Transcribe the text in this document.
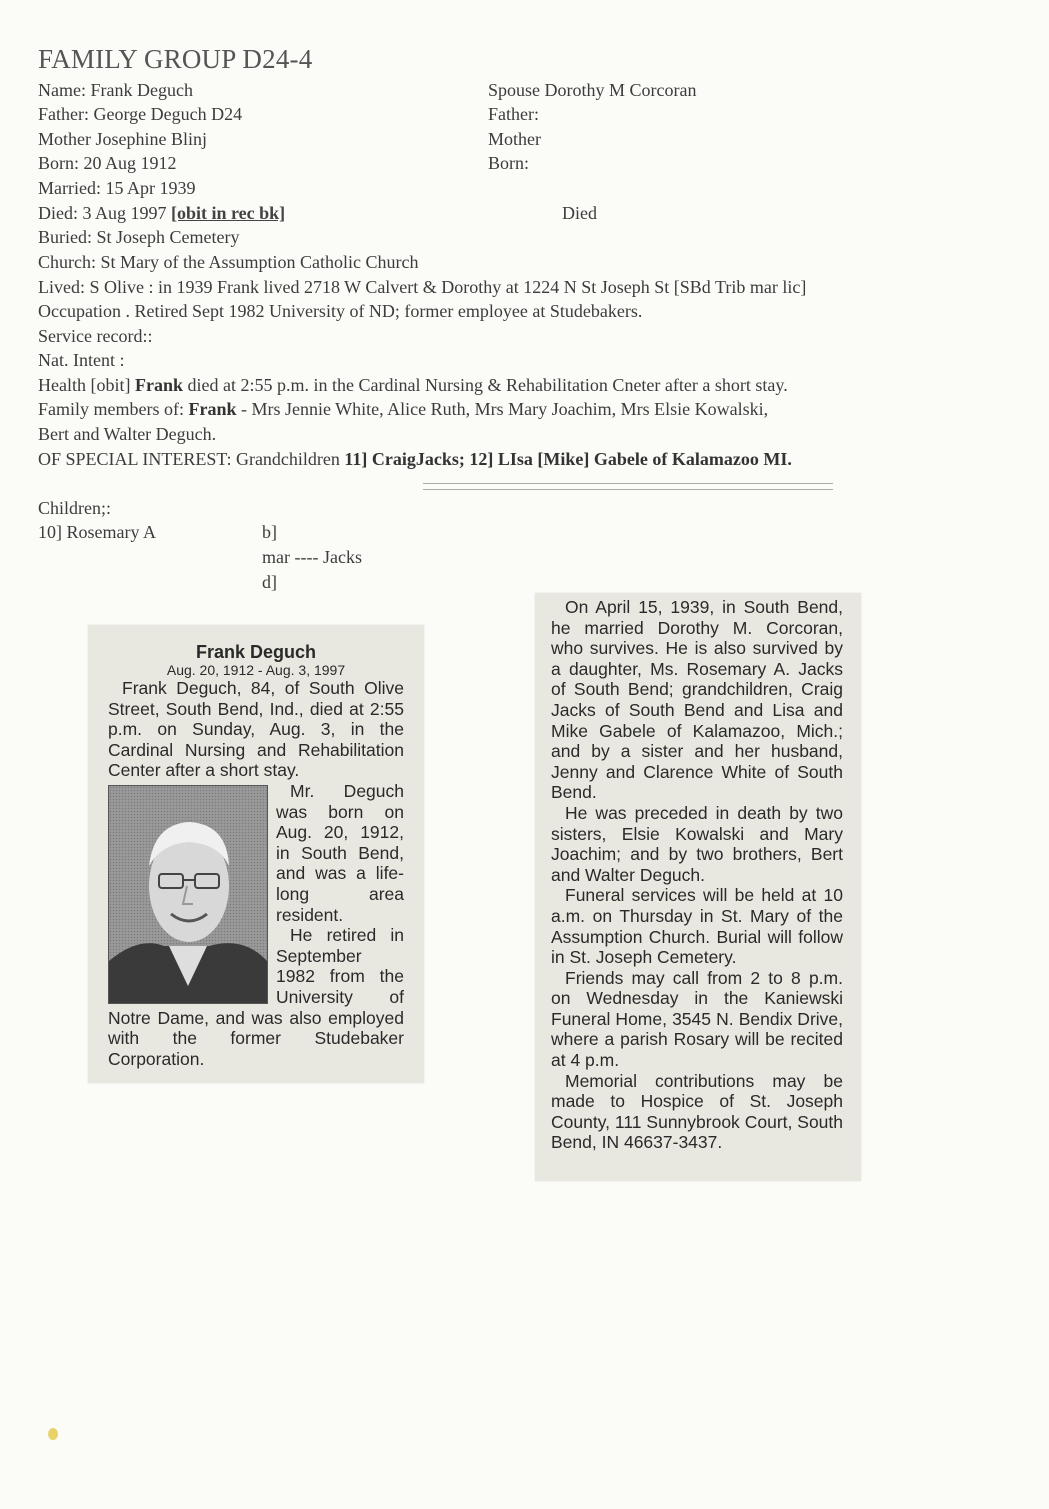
FAMILY GROUP D24-4
Name: Frank Deguch
Father: George Deguch D24
Mother Josephine Blinj
Born: 20 Aug 1912
Married: 15 Apr 1939
Died: 3 Aug 1997 [obit in rec bk]
Buried: St Joseph Cemetery
Church: St Mary of the Assumption Catholic Church
Lived: S Olive : in 1939 Frank lived 2718 W Calvert & Dorothy at 1224 N St Joseph St [SBd Trib mar lic]
Occupation . Retired Sept 1982 University of ND; former employee at Studebakers.
Service record::
Nat. Intent :
Health [obit] Frank died at 2:55 p.m. in the Cardinal Nursing & Rehabilitation Cneter after a short stay.
Family members of: Frank - Mrs Jennie White, Alice Ruth, Mrs Mary Joachim, Mrs Elsie Kowalski,
Bert and Walter Deguch.
OF SPECIAL INTEREST: Grandchildren 11] CraigJacks; 12] LIsa [Mike] Gabele of Kalamazoo MI.
Spouse Dorothy M Corcoran
Father:
Mother
Born:
Died
Children;:
10] Rosemary A	b]
mar ---- Jacks
d]
Frank Deguch
Aug. 20, 1912 - Aug. 3, 1997

Frank Deguch, 84, of South Olive Street, South Bend, Ind., died at 2:55 p.m. on Sunday, Aug. 3, in the Cardinal Nursing and Rehabilitation Center after a short stay.

Mr. Deguch was born on Aug. 20, 1912, in South Bend, and was a life-long area resident.

He retired in September 1982 from the University of Notre Dame, and was also employed with the former Studebaker Corporation.

On April 15, 1939, in South Bend, he married Dorothy M. Corcoran, who survives. He is also survived by a daughter, Ms. Rosemary A. Jacks of South Bend; grandchildren, Craig Jacks of South Bend and Lisa and Mike Gabele of Kalamazoo, Mich.; and by a sister and her husband, Jenny and Clarence White of South Bend.

He was preceded in death by two sisters, Elsie Kowalski and Mary Joachim; and by two brothers, Bert and Walter Deguch.

Funeral services will be held at 10 a.m. on Thursday in St. Mary of the Assumption Church. Burial will follow in St. Joseph Cemetery.

Friends may call from 2 to 8 p.m. on Wednesday in the Kaniewski Funeral Home, 3545 N. Bendix Drive, where a parish Rosary will be recited at 4 p.m.

Memorial contributions may be made to Hospice of St. Joseph County, 111 Sunnybrook Court, South Bend, IN 46637-3437.
